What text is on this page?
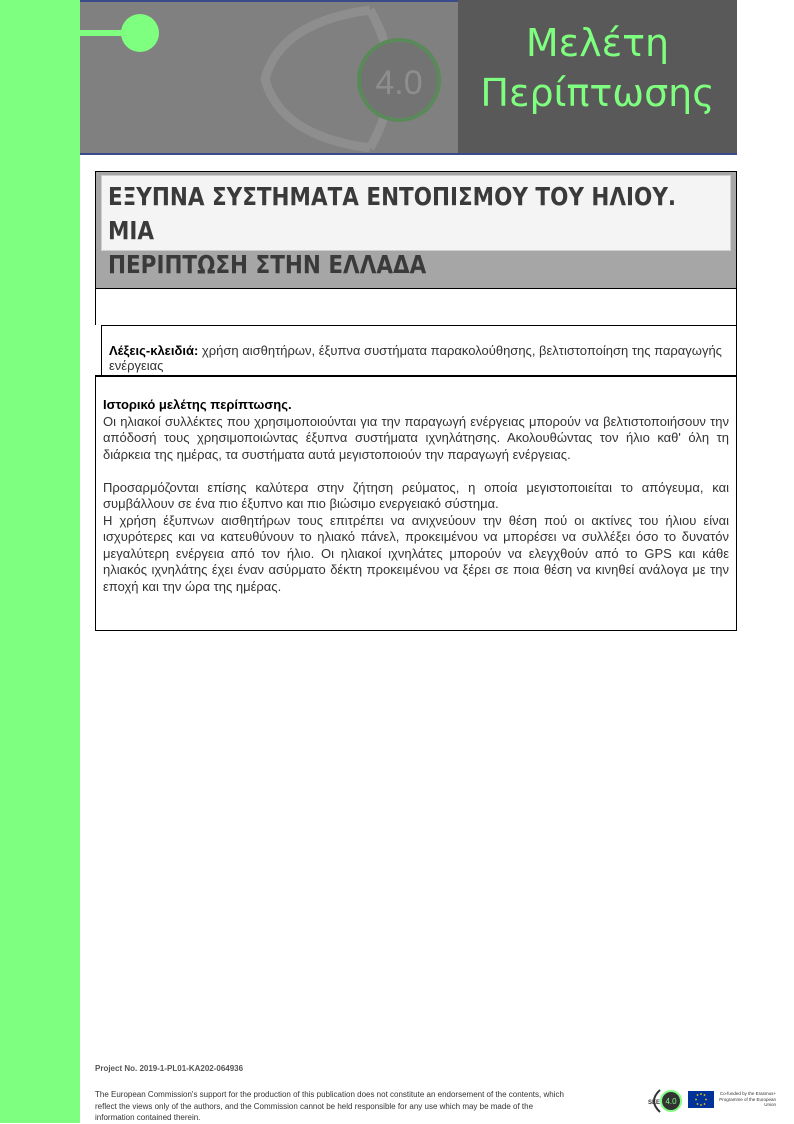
4.0
Μελέτη
Περίπτωσης
ΕΞΥΠΝΑ ΣΥΣΤΗΜΑΤΑ ΕΝΤΟΠΙΣΜΟΥ ΤΟΥ ΗΛΙΟΥ. ΜΙΑ
ΠΕΡΙΠΤΩΣΗ ΣΤΗΝ ΕΛΛΑΔΑ
Λέξεις-κλειδιά: χρήση αισθητήρων, έξυπνα συστήματα παρακολούθησης, βελτιστοποίηση της παραγωγής ενέργειας

Ιστορικό μελέτης περίπτωσης.

Οι ηλιακοί συλλέκτες που χρησιμοποιούνται για την παραγωγή ενέργειας μπορούν να βελτιστοποιήσουν την απόδοσή τους χρησιμοποιώντας έξυπνα συστήματα ιχνηλάτησης. Ακολουθώντας τον ήλιο καθ' όλη τη διάρκεια της ημέρας, τα συστήματα αυτά μεγιστοποιούν την παραγωγή ενέργειας.

Προσαρμόζονται επίσης καλύτερα στην ζήτηση ρεύματος, η οποία μεγιστοποιείται το απόγευμα, και συμβάλλουν σε ένα πιο έξυπνο και πιο βιώσιμο ενεργειακό σύστημα.

Η χρήση έξυπνων αισθητήρων τους επιτρέπει να ανιχνεύουν την θέση πού οι ακτίνες του ήλιου είναι ισχυρότερες και να κατευθύνουν το ηλιακό πάνελ, προκειμένου να μπορέσει να συλλέξει όσο το δυνατόν μεγαλύτερη ενέργεια από τον ήλιο. Οι ηλιακοί ιχνηλάτες μπορούν να ελεγχθούν από το GPS και κάθε ηλιακός ιχνηλάτης έχει έναν ασύρματο δέκτη προκειμένου να ξέρει σε ποια θέση να κινηθεί ανάλογα με την εποχή και την ώρα της ημέρας.

Project No. 2019-1-PL01-KA202-064936
The European Commission's support for the production of this publication does not constitute an endorsement of the contents, which reflect the views only of the authors, and the Commission cannot be held responsible for any use which may be made of the information contained therein.
SEE 4.0
Co-funded by the Erasmus+ Programme of the European Union
